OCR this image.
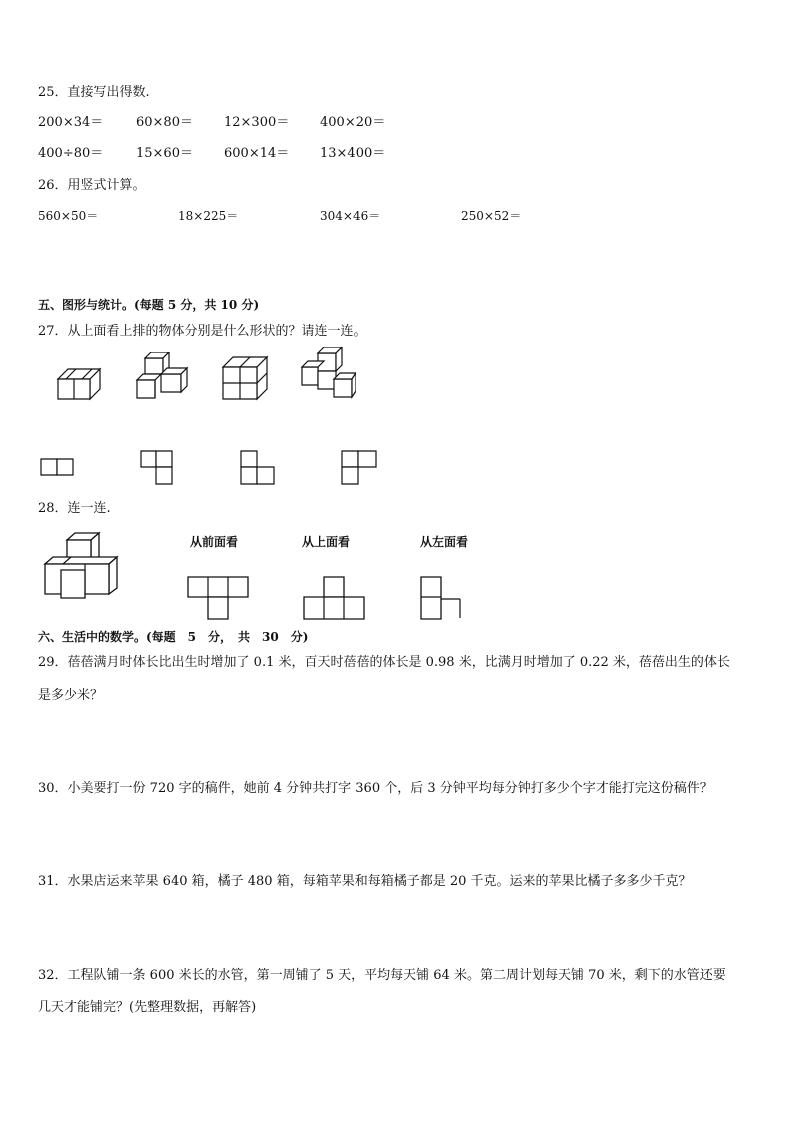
25．直接写出得数.
200×34＝	60×80＝ 12×300＝ 400×20＝
400÷80＝	15×60＝ 600×14＝ 13×400＝
26．用竖式计算。
560×50＝	18×225＝	304×46＝	250×52＝
五、图形与统计。(每题 5 分，共 10 分)
27．从上面看上排的物体分别是什么形状的？请连一连。
28．连一连.
从前面看	从上面看	从左面看
六、生活中的数学。(每题　5　分，　共　30　分)
29．蓓蓓满月时体长比出生时增加了 0.1 米，百天时蓓蓓的体长是 0.98 米，比满月时增加了 0.22 米，蓓蓓出生的体长
是多少米？
30．小美要打一份 720 字的稿件，她前 4 分钟共打字 360 个，后 3 分钟平均每分钟打多少个字才能打完这份稿件？
31．水果店运来苹果 640 箱，橘子 480 箱，每箱苹果和每箱橘子都是 20 千克。运来的苹果比橘子多多少千克？
32．工程队铺一条 600 米长的水管，第一周铺了 5 天，平均每天铺 64 米。第二周计划每天铺 70 米，剩下的水管还要
几天才能铺完？(先整理数据，再解答)
